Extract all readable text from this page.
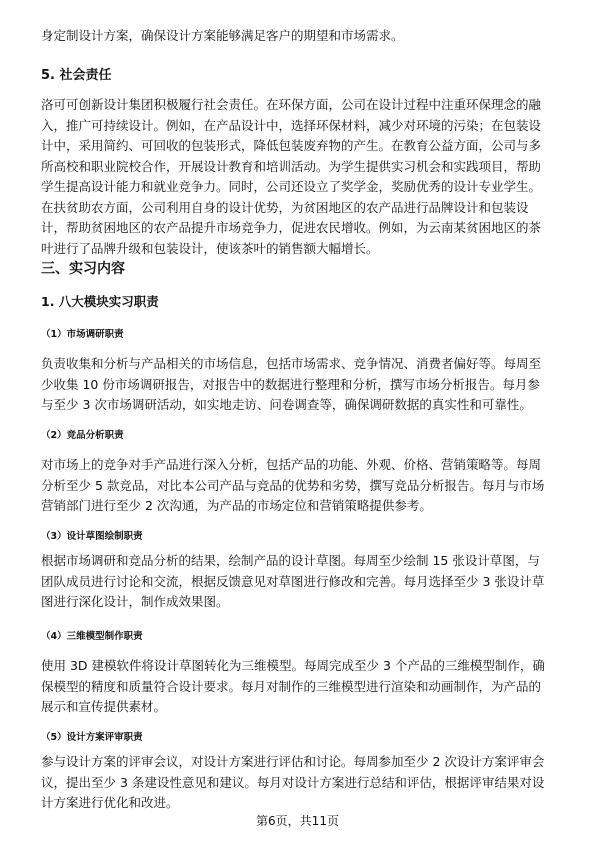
身定制设计方案，确保设计方案能够满足客户的期望和市场需求。

5. 社会责任

洛可可创新设计集团积极履行社会责任。在环保方面，公司在设计过程中注重环保理念的融
入，推广可持续设计。例如，在产品设计中，选择环保材料，减少对环境的污染；在包装设
计中，采用简约、可回收的包装形式，降低包装废弃物的产生。在教育公益方面，公司与多
所高校和职业院校合作，开展设计教育和培训活动。为学生提供实习机会和实践项目，帮助
学生提高设计能力和就业竞争力。同时，公司还设立了奖学金，奖励优秀的设计专业学生。
在扶贫助农方面，公司利用自身的设计优势，为贫困地区的农产品进行品牌设计和包装设
计，帮助贫困地区的农产品提升市场竞争力，促进农民增收。例如，为云南某贫困地区的茶
叶进行了品牌升级和包装设计，使该茶叶的销售额大幅增长。

三、实习内容
1. 八大模块实习职责
（1）市场调研职责

负责收集和分析与产品相关的市场信息，包括市场需求、竞争情况、消费者偏好等。每周至
少收集 10 份市场调研报告，对报告中的数据进行整理和分析，撰写市场分析报告。每月参
与至少 3 次市场调研活动，如实地走访、问卷调查等，确保调研数据的真实性和可靠性。

（2）竞品分析职责

对市场上的竞争对手产品进行深入分析，包括产品的功能、外观、价格、营销策略等。每周
分析至少 5 款竞品，对比本公司产品与竞品的优势和劣势，撰写竞品分析报告。每月与市场
营销部门进行至少 2 次沟通，为产品的市场定位和营销策略提供参考。

（3）设计草图绘制职责

根据市场调研和竞品分析的结果，绘制产品的设计草图。每周至少绘制 15 张设计草图，与
团队成员进行讨论和交流，根据反馈意见对草图进行修改和完善。每月选择至少 3 张设计草
图进行深化设计，制作成效果图。

（4）三维模型制作职责

使用 3D 建模软件将设计草图转化为三维模型。每周完成至少 3 个产品的三维模型制作，确
保模型的精度和质量符合设计要求。每月对制作的三维模型进行渲染和动画制作，为产品的
展示和宣传提供素材。

（5）设计方案评审职责

参与设计方案的评审会议，对设计方案进行评估和讨论。每周参加至少 2 次设计方案评审会
议，提出至少 3 条建设性意见和建议。每月对设计方案进行总结和评估，根据评审结果对设
计方案进行优化和改进。

第6页，共11页
